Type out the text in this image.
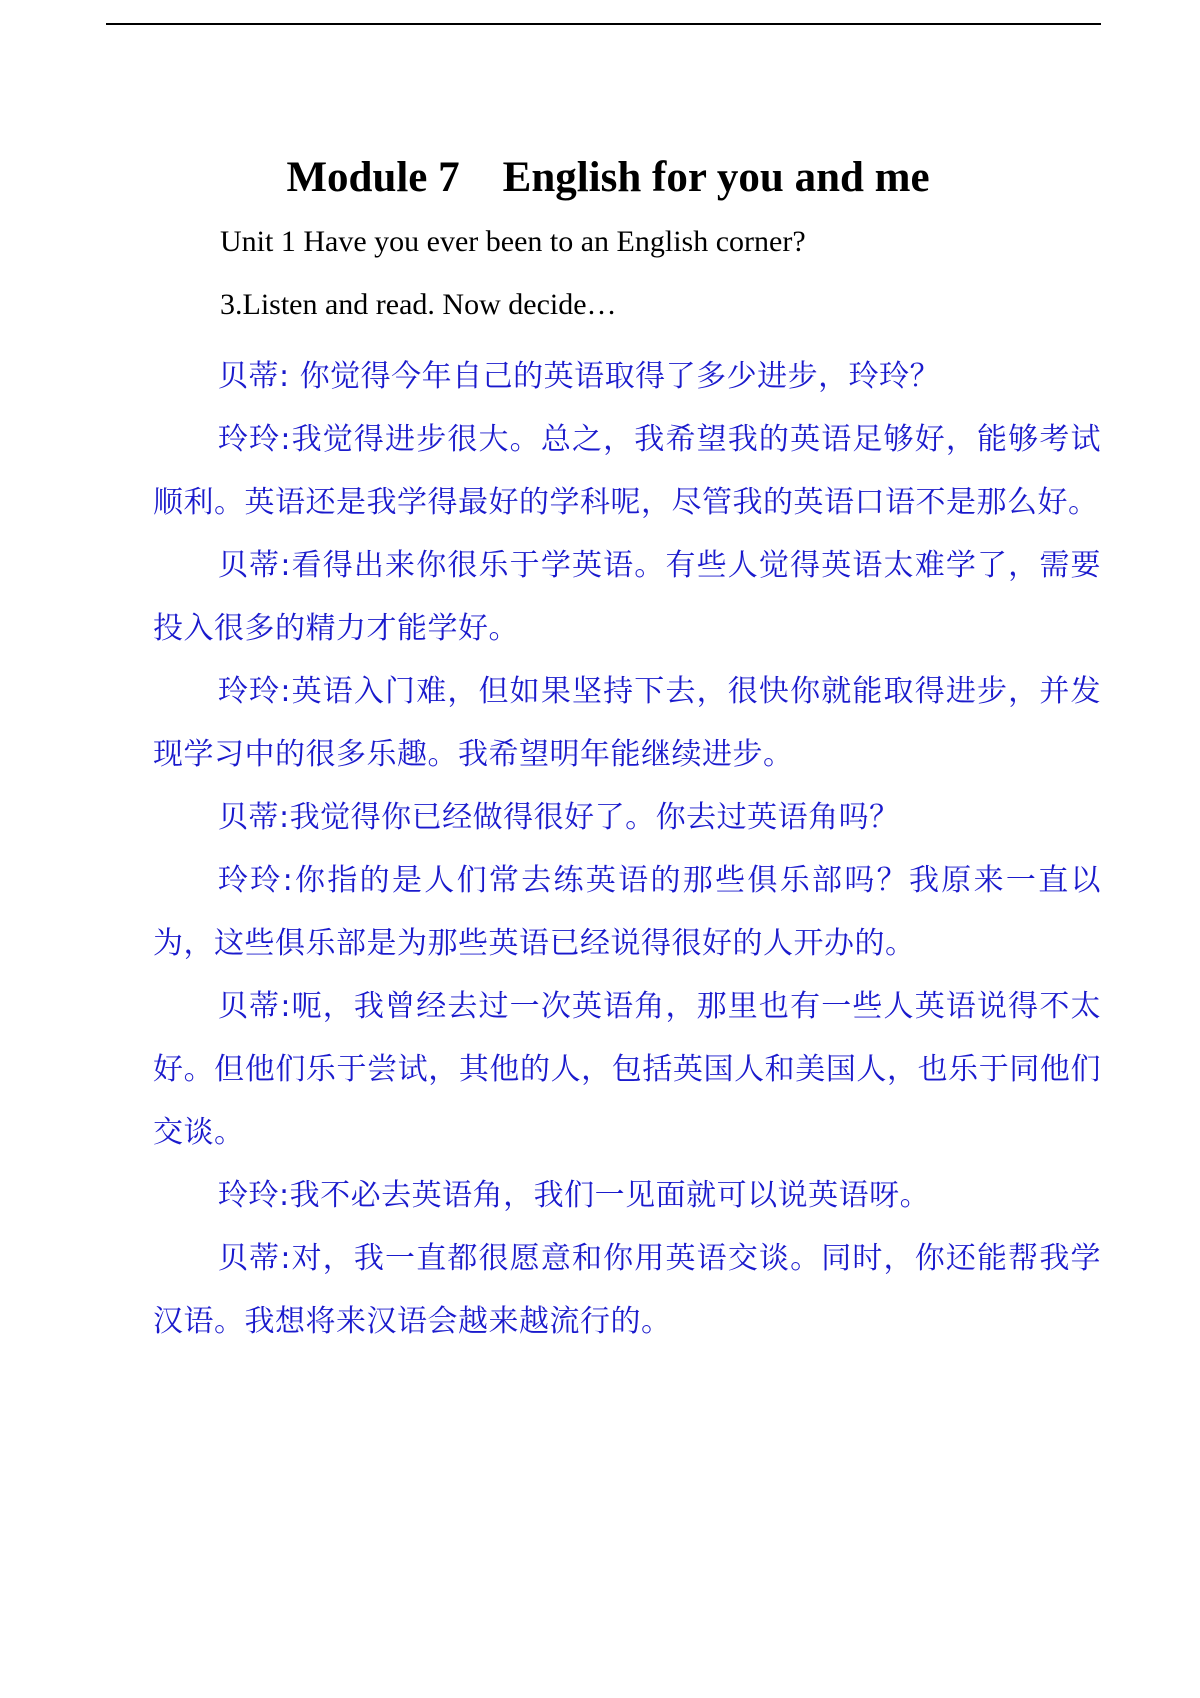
Module 7    English for you and me

Unit 1 Have you ever been to an English corner?

3.Listen and read. Now decide…

贝蒂: 你觉得今年自己的英语取得了多少进步，玲玲？

玲玲:我觉得进步很大。总之，我希望我的英语足够好，能够考试顺利。英语还是我学得最好的学科呢，尽管我的英语口语不是那么好。

贝蒂:看得出来你很乐于学英语。有些人觉得英语太难学了，需要投入很多的精力才能学好。

玲玲:英语入门难，但如果坚持下去，很快你就能取得进步，并发现学习中的很多乐趣。我希望明年能继续进步。

贝蒂:我觉得你已经做得很好了。你去过英语角吗？

玲玲:你指的是人们常去练英语的那些俱乐部吗？我原来一直以为，这些俱乐部是为那些英语已经说得很好的人开办的。

贝蒂:呃，我曾经去过一次英语角，那里也有一些人英语说得不太好。但他们乐于尝试，其他的人，包括英国人和美国人，也乐于同他们交谈。

玲玲:我不必去英语角，我们一见面就可以说英语呀。

贝蒂:对，我一直都很愿意和你用英语交谈。同时，你还能帮我学汉语。我想将来汉语会越来越流行的。
